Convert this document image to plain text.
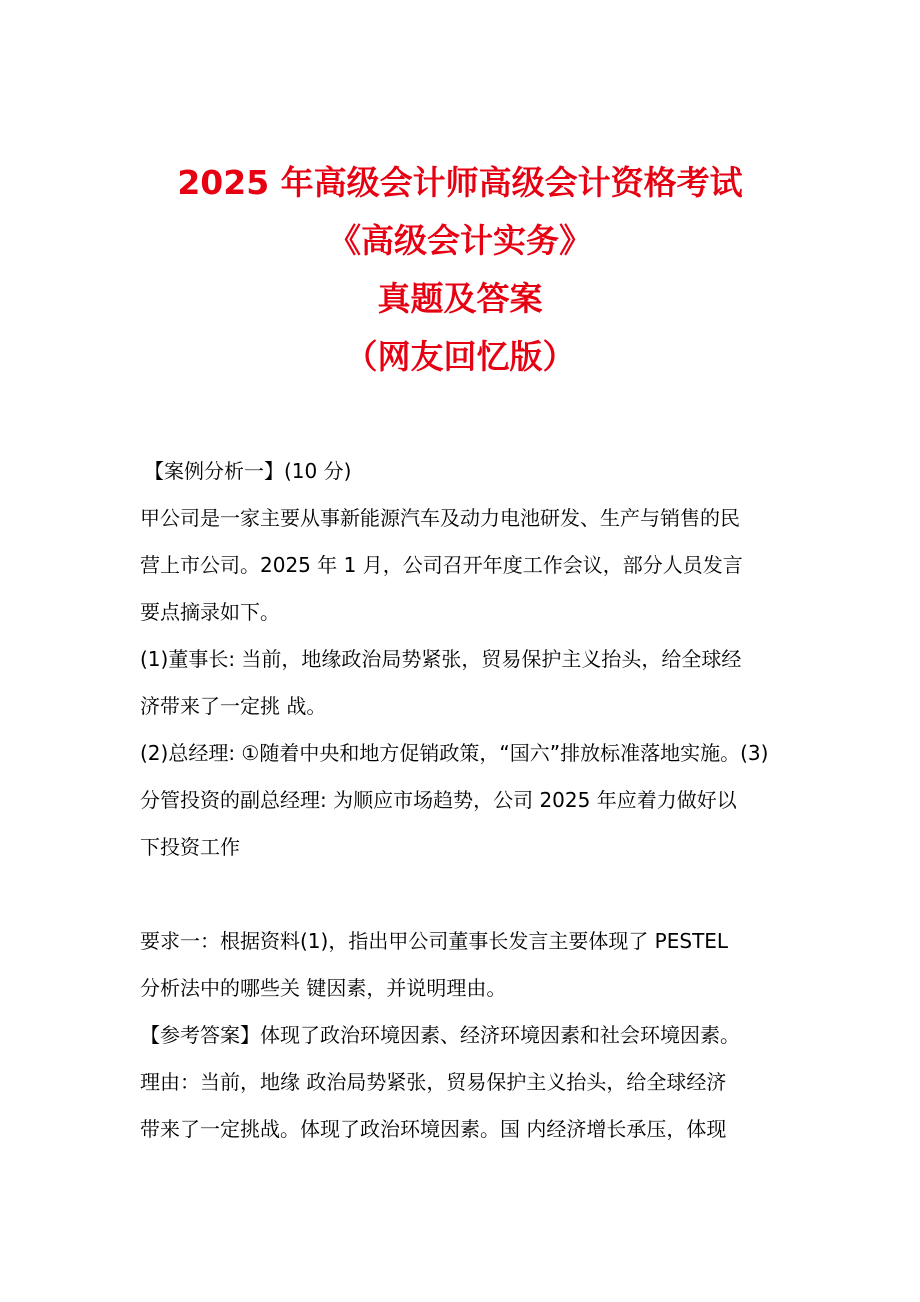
2025 年高级会计师高级会计资格考试
《高级会计实务》
真题及答案
（网友回忆版）
【案例分析一】(10 分)
甲公司是一家主要从事新能源汽车及动力电池研发、生产与销售的民
营上市公司。2025 年 1 月，公司召开年度工作会议，部分人员发言
要点摘录如下。
(1)董事长: 当前，地缘政治局势紧张，贸易保护主义抬头，给全球经
济带来了一定挑 战。
(2)总经理: ①随着中央和地方促销政策，“国六”排放标准落地实施。(3)
分管投资的副总经理: 为顺应市场趋势，公司 2025 年应着力做好以
下投资工作
要求一：根据资料(1)，指出甲公司董事长发言主要体现了 PESTEL
分析法中的哪些关 键因素，并说明理由。
【参考答案】体现了政治环境因素、经济环境因素和社会环境因素。
理由：当前，地缘 政治局势紧张，贸易保护主义抬头，给全球经济
带来了一定挑战。体现了政治环境因素。国 内经济增长承压，体现
